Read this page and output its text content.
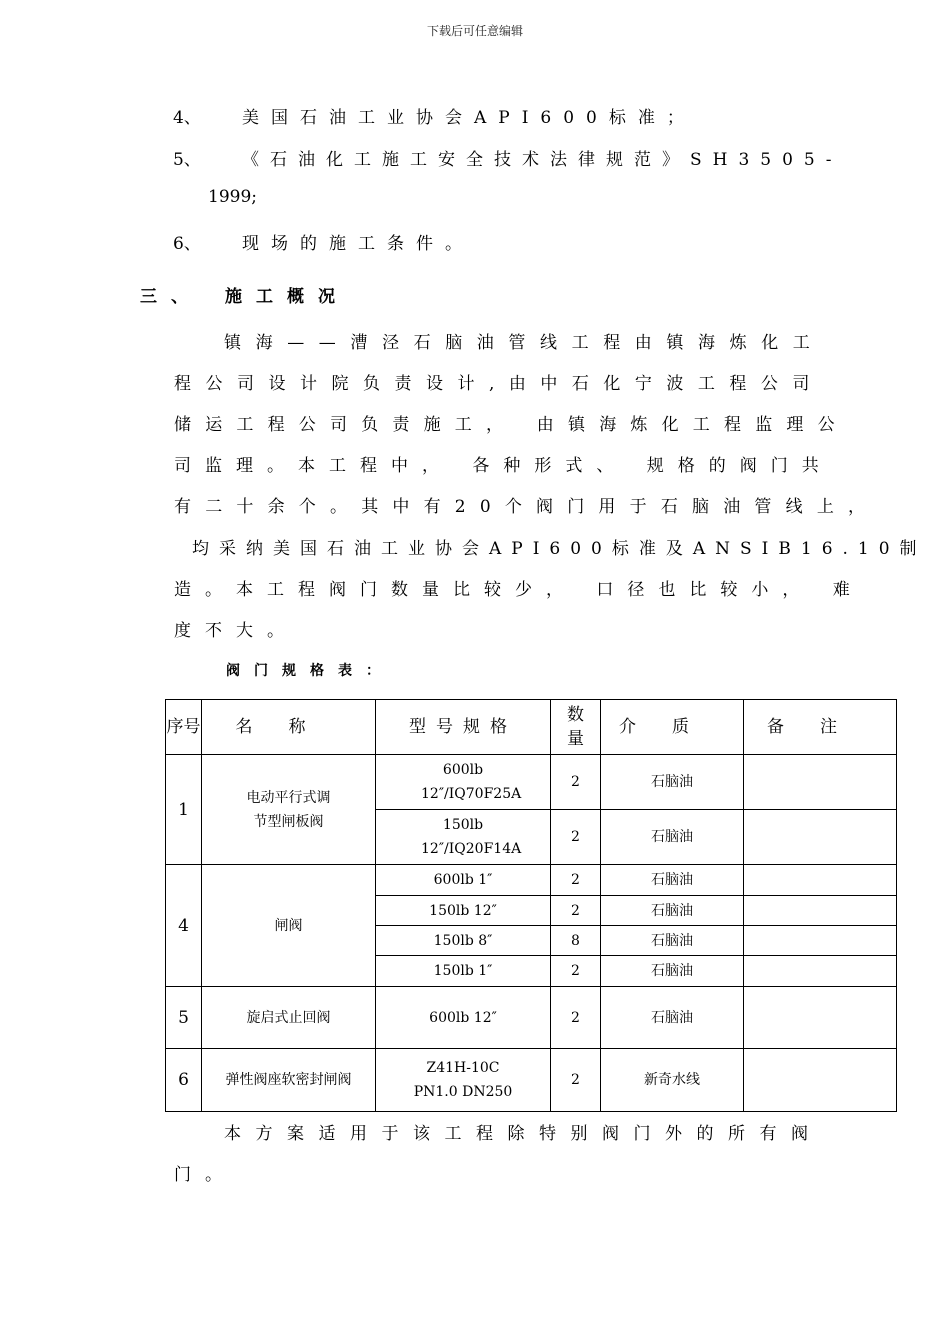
下载后可任意编辑
4、 美国石油工业协会API600标准；
5、 《石油化工施工安全技术法律规范》SH3505-
1999;
6、 现场的施工条件。
三、 施工概况
镇海——漕泾石脑油管线工程由镇海炼化工
程公司设计院负责设计,由中石化宁波工程公司
储运工程公司负责施工， 由镇海炼化工程监理公
司监理。本工程中， 各种形式、 规格的阀门共
有二十余个。其中有20个阀门用于石脑油管线上，
均采纳美国石油工业协会API600标准及ANSIB16.10制
造。本工程阀门数量比较少， 口径也比较小， 难
度不大。
阀门规格表：
序号	名称	型号规格	数量	介质	备注
1	电动平行式调节型闸板阀	600lb 12″/IQ70F25A	2	石脑油	
		150lb 12″/IQ20F14A	2	石脑油	
4	闸阀	600lb 1″	2	石脑油	
		150lb 12″	2	石脑油	
		150lb 8″	8	石脑油	
		150lb 1″	2	石脑油	
5	旋启式止回阀	600lb 12″	2	石脑油	
6	弹性阀座软密封闸阀	Z41H-10C PN1.0 DN250	2	新奇水线	
本方案适用于该工程除特别阀门外的所有阀
门。
